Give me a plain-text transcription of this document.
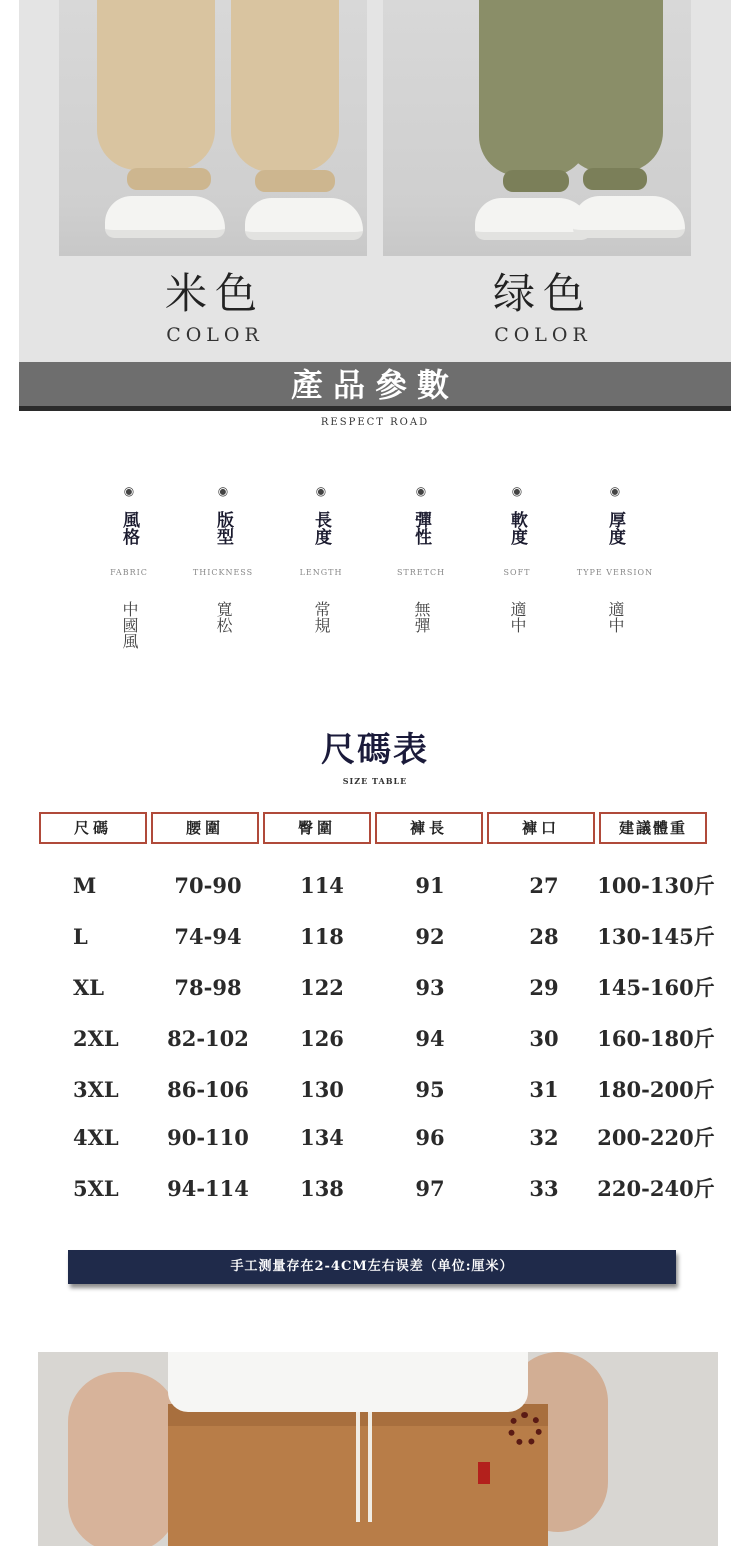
米色
COLOR
绿色
COLOR
產品參數
RESPECT ROAD
◉
風格
FABRIC
中國風
◉
版型
THICKNESS
寬松
◉
長度
LENGTH
常規
◉
彈性
STRETCH
無彈
◉
軟度
SOFT
適中
◉
厚度
TYPE VERSION
適中
尺碼表
SIZE TABLE
尺碼	腰圍	臀圍	褲長	褲口	建議體重
M	70-90	114	91	27	100-130斤
L	74-94	118	92	28	130-145斤
XL	78-98	122	93	29	145-160斤
2XL	82-102	126	94	30	160-180斤
3XL	86-106	130	95	31	180-200斤
4XL	90-110	134	96	32	200-220斤
5XL	94-114	138	97	33	220-240斤
手工测量存在2-4CM左右误差（单位:厘米）
